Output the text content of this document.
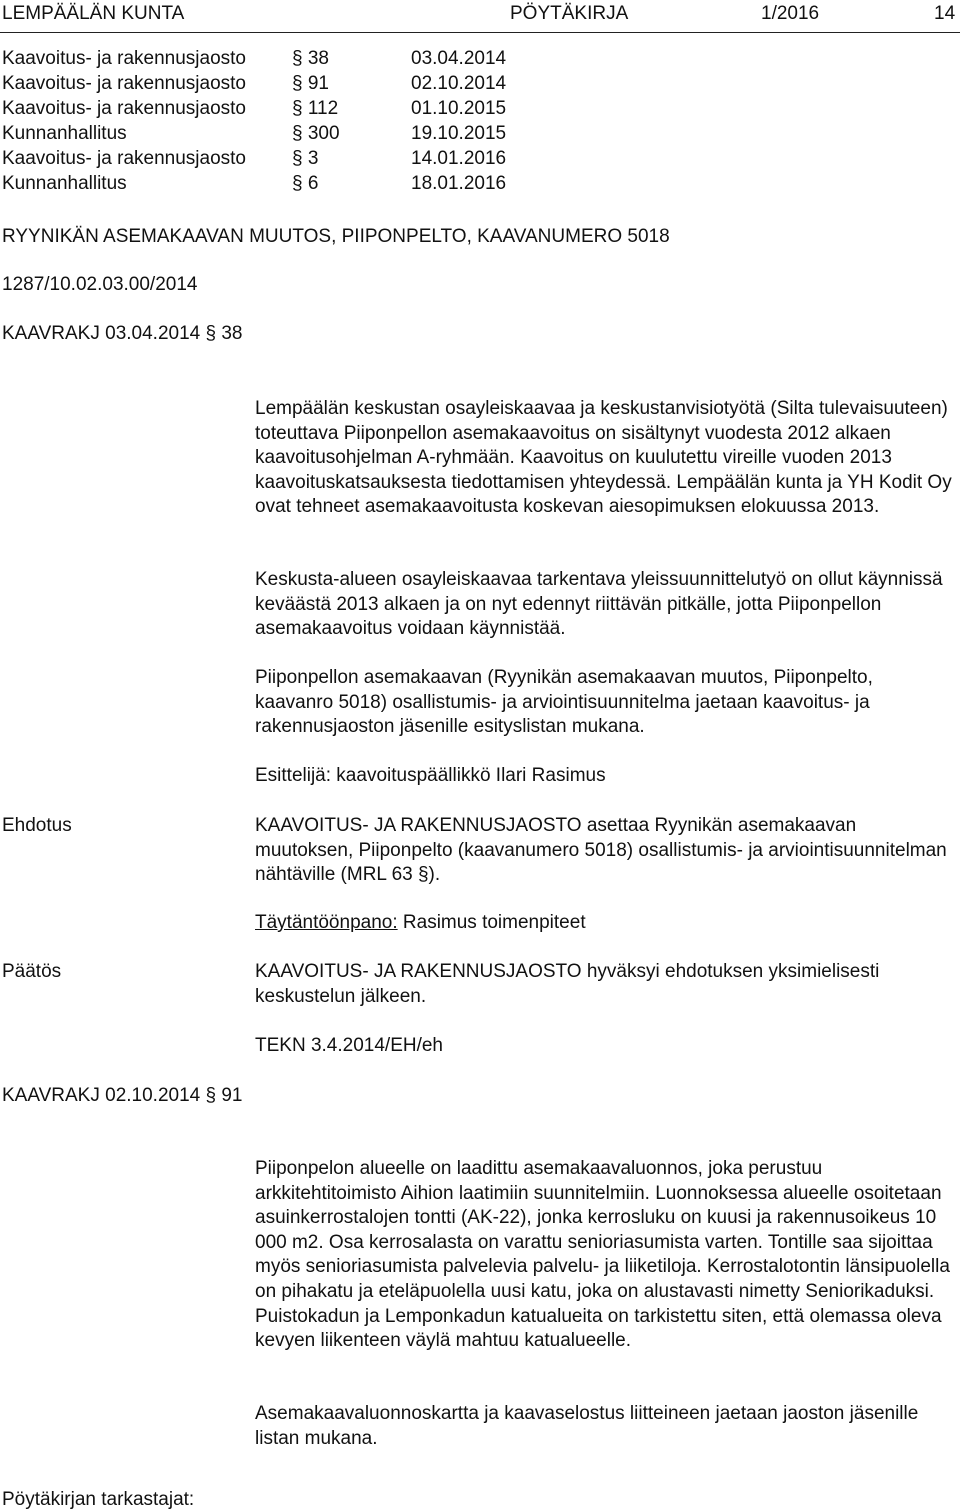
LEMPÄÄLÄN KUNTA	PÖYTÄKIRJA	1/2016	14
Kaavoitus- ja rakennusjaosto § 38	03.04.2014
Kaavoitus- ja rakennusjaosto § 91	02.10.2014
Kaavoitus- ja rakennusjaosto § 112	01.10.2015
Kunnanhallitus	§ 300	19.10.2015
Kaavoitus- ja rakennusjaosto § 3	14.01.2016
Kunnanhallitus	§ 6	18.01.2016
RYYNIKÄN ASEMAKAAVAN MUUTOS, PIIPONPELTO, KAAVANUMERO 5018
1287/10.02.03.00/2014
KAAVRAKJ 03.04.2014 § 38
Lempäälän keskustan osayleiskaavaa ja keskustanvisiotyötä (Silta tulevaisuuteen) toteuttava Piiponpellon asemakaavoitus on sisältynyt vuodesta 2012 alkaen kaavoitusohjelman A-ryhmään. Kaavoitus on kuulutettu vireille vuoden 2013 kaavoituskatsauksesta tiedottamisen yhteydessä. Lempäälän kunta ja YH Kodit Oy ovat tehneet asemakaavoitusta koskevan aiesopimuksen elokuussa 2013.
Keskusta-alueen osayleiskaavaa tarkentava yleissuunnittelutyö on ollut käynnissä keväästä 2013 alkaen ja on nyt edennyt riittävän pitkälle, jotta Piiponpellon asemakaavoitus voidaan käynnistää.
Piiponpellon asemakaavan (Ryynikän asemakaavan muutos, Piiponpelto, kaavanro 5018) osallistumis- ja arviointisuunnitelma jaetaan kaavoitus- ja rakennusjaoston jäsenille esityslistan mukana.
Esittelijä: kaavoituspäällikkö Ilari Rasimus
Ehdotus	KAAVOITUS- JA RAKENNUSJAOSTO asettaa Ryynikän asemakaavan muutoksen, Piiponpelto (kaavanumero 5018) osallistumis- ja arviointisuunnitelman nähtäville (MRL 63 §).
Täytäntöönpano: Rasimus toimenpiteet
Päätös	KAAVOITUS- JA RAKENNUSJAOSTO hyväksyi ehdotuksen yksimielisesti keskustelun jälkeen.
TEKN 3.4.2014/EH/eh
KAAVRAKJ 02.10.2014 § 91
Piiponpelon alueelle on laadittu asemakaavaluonnos, joka perustuu arkkitehtitoimisto Aihion laatimiin suunnitelmiin. Luonnoksessa alueelle osoitetaan asuinkerrostalojen tontti (AK-22), jonka kerrosluku on kuusi ja rakennusoikeus 10 000 m2. Osa kerrosalasta on varattu senioriasumista varten. Tontille saa sijoittaa myös senioriasumista palvelevia palvelu- ja liiketiloja. Kerrostalotontin länsipuolella on pihakatu ja eteläpuolella uusi katu, joka on alustavasti nimetty Seniorikaduksi. Puistokadun ja Lemponkadun katualueita on tarkistettu siten, että olemassa oleva kevyen liikenteen väylä mahtuu katualueelle.
Asemakaavaluonnoskartta ja kaavaselostus liitteineen jaetaan jaoston jäsenille listan mukana.
Pöytäkirjan tarkastajat:
